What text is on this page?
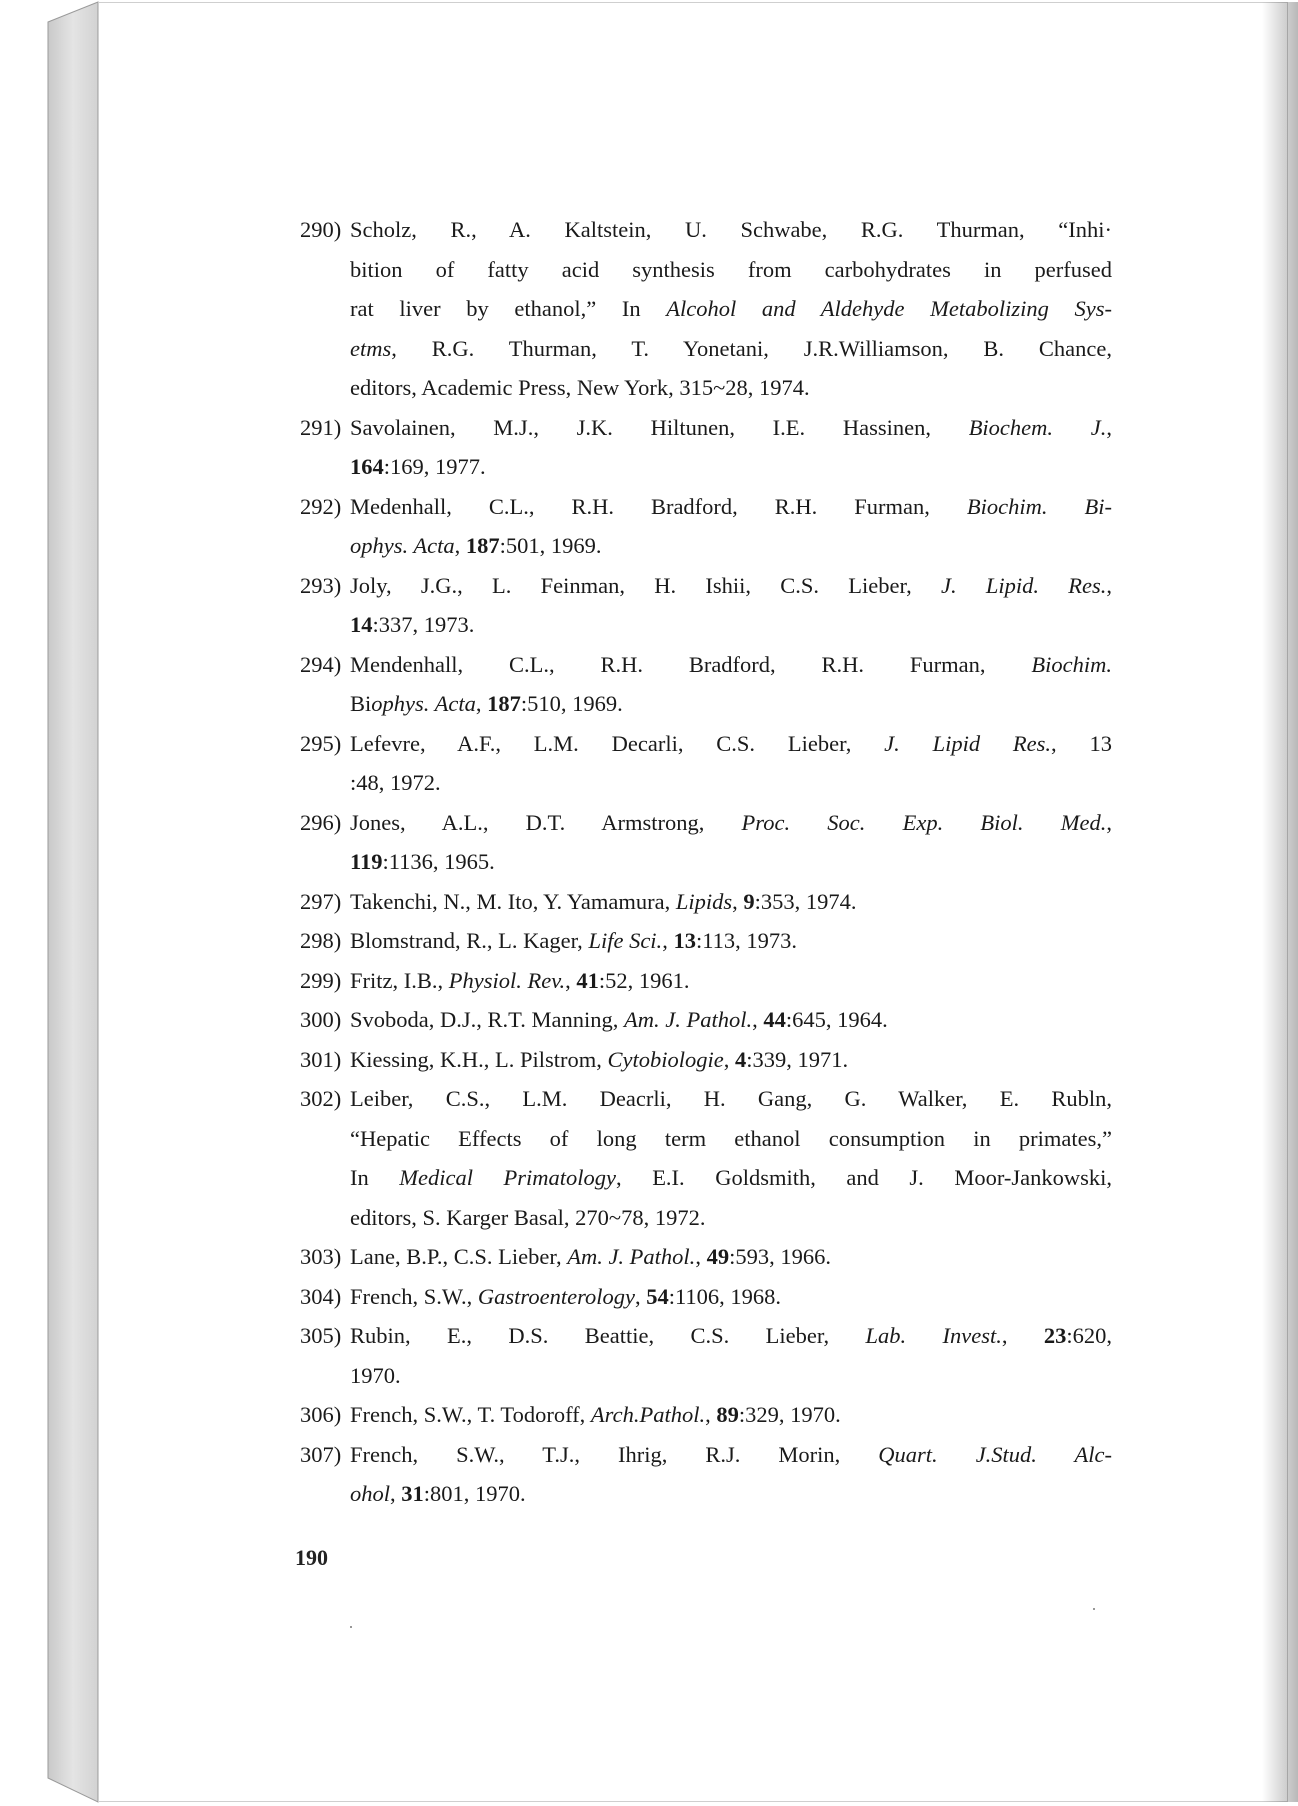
290) Scholz, R., A. Kaltstein, U. Schwabe, R.G. Thurman, “Inhi·
bition of fatty acid synthesis from carbohydrates in perfused
rat liver by ethanol,” In Alcohol and Aldehyde Metabolizing Sys-
etms, R.G. Thurman, T. Yonetani, J.R.Williamson, B. Chance,
editors, Academic Press, New York, 315~28, 1974.
291) Savolainen, M.J., J.K. Hiltunen, I.E. Hassinen, Biochem. J.,
164:169, 1977.
292) Medenhall, C.L., R.H. Bradford, R.H. Furman, Biochim. Bi-
ophys. Acta, 187:501, 1969.
293) Joly, J.G., L. Feinman, H. Ishii, C.S. Lieber, J. Lipid. Res.,
14:337, 1973.
294) Mendenhall, C.L., R.H. Bradford, R.H. Furman, Biochim.
Biophys. Acta, 187:510, 1969.
295) Lefevre, A.F., L.M. Decarli, C.S. Lieber, J. Lipid Res., 13
:48, 1972.
296) Jones, A.L., D.T. Armstrong, Proc. Soc. Exp. Biol. Med.,
119:1136, 1965.
297) Takenchi, N., M. Ito, Y. Yamamura, Lipids, 9:353, 1974.
298) Blomstrand, R., L. Kager, Life Sci., 13:113, 1973.
299) Fritz, I.B., Physiol. Rev., 41:52, 1961.
300) Svoboda, D.J., R.T. Manning, Am. J. Pathol., 44:645, 1964.
301) Kiessing, K.H., L. Pilstrom, Cytobiologie, 4:339, 1971.
302) Leiber, C.S., L.M. Deacrli, H. Gang, G. Walker, E. Rubln,
“Hepatic Effects of long term ethanol consumption in primates,”
In Medical Primatology, E.I. Goldsmith, and J. Moor-Jankowski,
editors, S. Karger Basal, 270~78, 1972.
303) Lane, B.P., C.S. Lieber, Am. J. Pathol., 49:593, 1966.
304) French, S.W., Gastroenterology, 54:1106, 1968.
305) Rubin, E., D.S. Beattie, C.S. Lieber, Lab. Invest., 23:620,
1970.
306) French, S.W., T. Todoroff, Arch.Pathol., 89:329, 1970.
307) French, S.W., T.J., Ihrig, R.J. Morin, Quart. J.Stud. Alc-
ohol, 31:801, 1970.
190
